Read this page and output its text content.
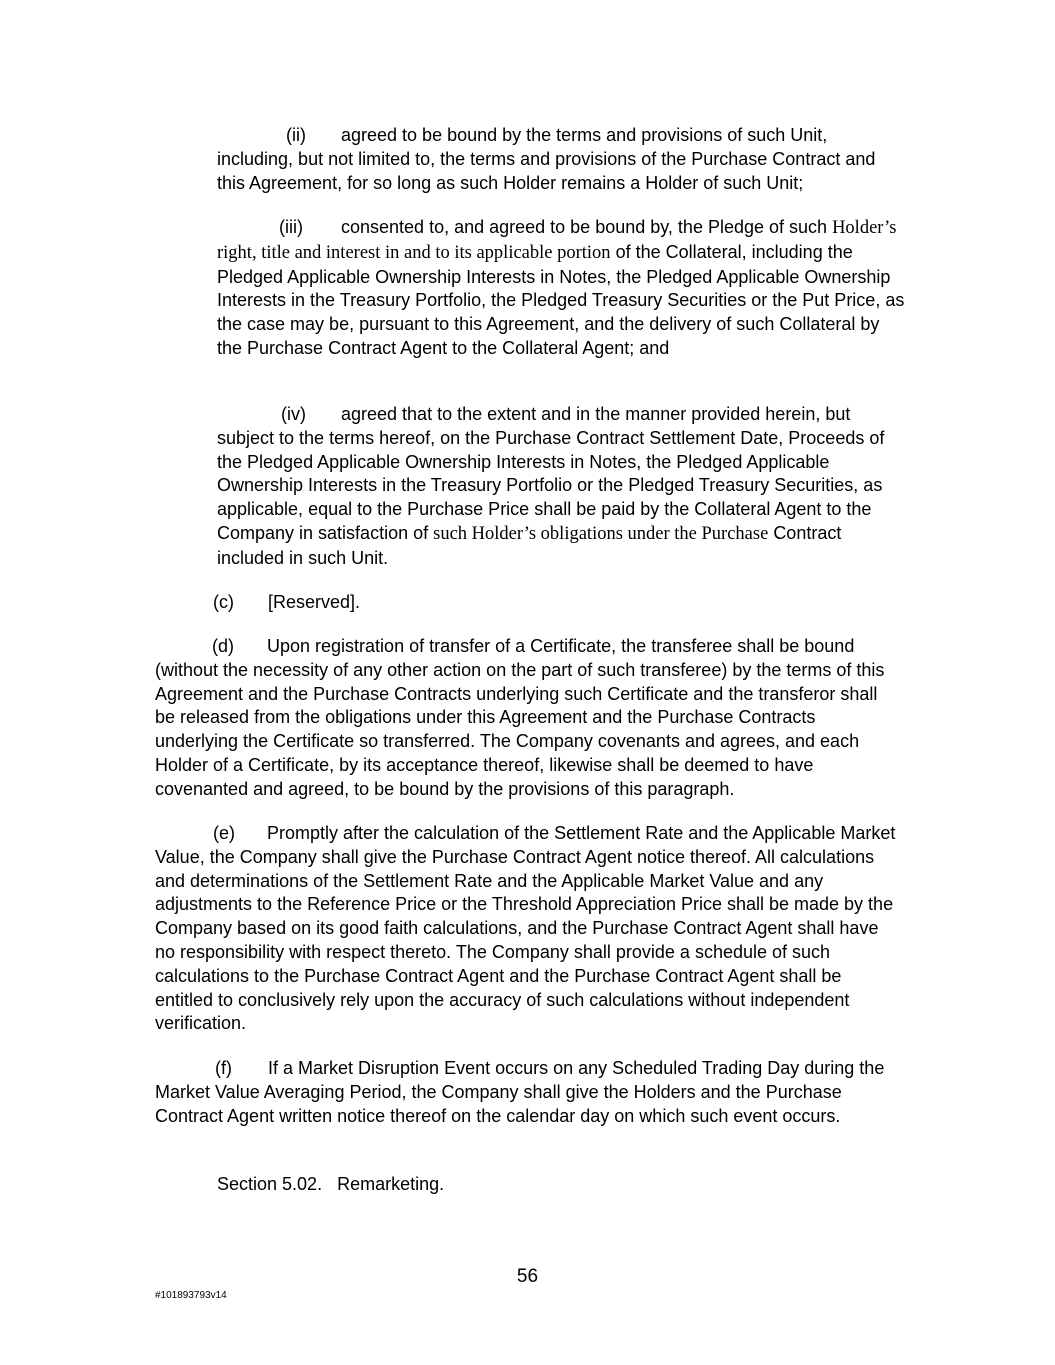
(ii) agreed to be bound by the terms and provisions of such Unit, including, but not limited to, the terms and provisions of the Purchase Contract and this Agreement, for so long as such Holder remains a Holder of such Unit;
(iii) consented to, and agreed to be bound by, the Pledge of such Holder’s right, title and interest in and to its applicable portion of the Collateral, including the Pledged Applicable Ownership Interests in Notes, the Pledged Applicable Ownership Interests in the Treasury Portfolio, the Pledged Treasury Securities or the Put Price, as the case may be, pursuant to this Agreement, and the delivery of such Collateral by the Purchase Contract Agent to the Collateral Agent; and
(iv) agreed that to the extent and in the manner provided herein, but subject to the terms hereof, on the Purchase Contract Settlement Date, Proceeds of the Pledged Applicable Ownership Interests in Notes, the Pledged Applicable Ownership Interests in the Treasury Portfolio or the Pledged Treasury Securities, as applicable, equal to the Purchase Price shall be paid by the Collateral Agent to the Company in satisfaction of such Holder’s obligations under the Purchase Contract included in such Unit.
(c) [Reserved].
(d) Upon registration of transfer of a Certificate, the transferee shall be bound (without the necessity of any other action on the part of such transferee) by the terms of this Agreement and the Purchase Contracts underlying such Certificate and the transferor shall be released from the obligations under this Agreement and the Purchase Contracts underlying the Certificate so transferred. The Company covenants and agrees, and each Holder of a Certificate, by its acceptance thereof, likewise shall be deemed to have covenanted and agreed, to be bound by the provisions of this paragraph.
(e) Promptly after the calculation of the Settlement Rate and the Applicable Market Value, the Company shall give the Purchase Contract Agent notice thereof. All calculations and determinations of the Settlement Rate and the Applicable Market Value and any adjustments to the Reference Price or the Threshold Appreciation Price shall be made by the Company based on its good faith calculations, and the Purchase Contract Agent shall have no responsibility with respect thereto. The Company shall provide a schedule of such calculations to the Purchase Contract Agent and the Purchase Contract Agent shall be entitled to conclusively rely upon the accuracy of such calculations without independent verification.
(f) If a Market Disruption Event occurs on any Scheduled Trading Day during the Market Value Averaging Period, the Company shall give the Holders and the Purchase Contract Agent written notice thereof on the calendar day on which such event occurs.
Section 5.02.   Remarketing.
56
#101893793v14
